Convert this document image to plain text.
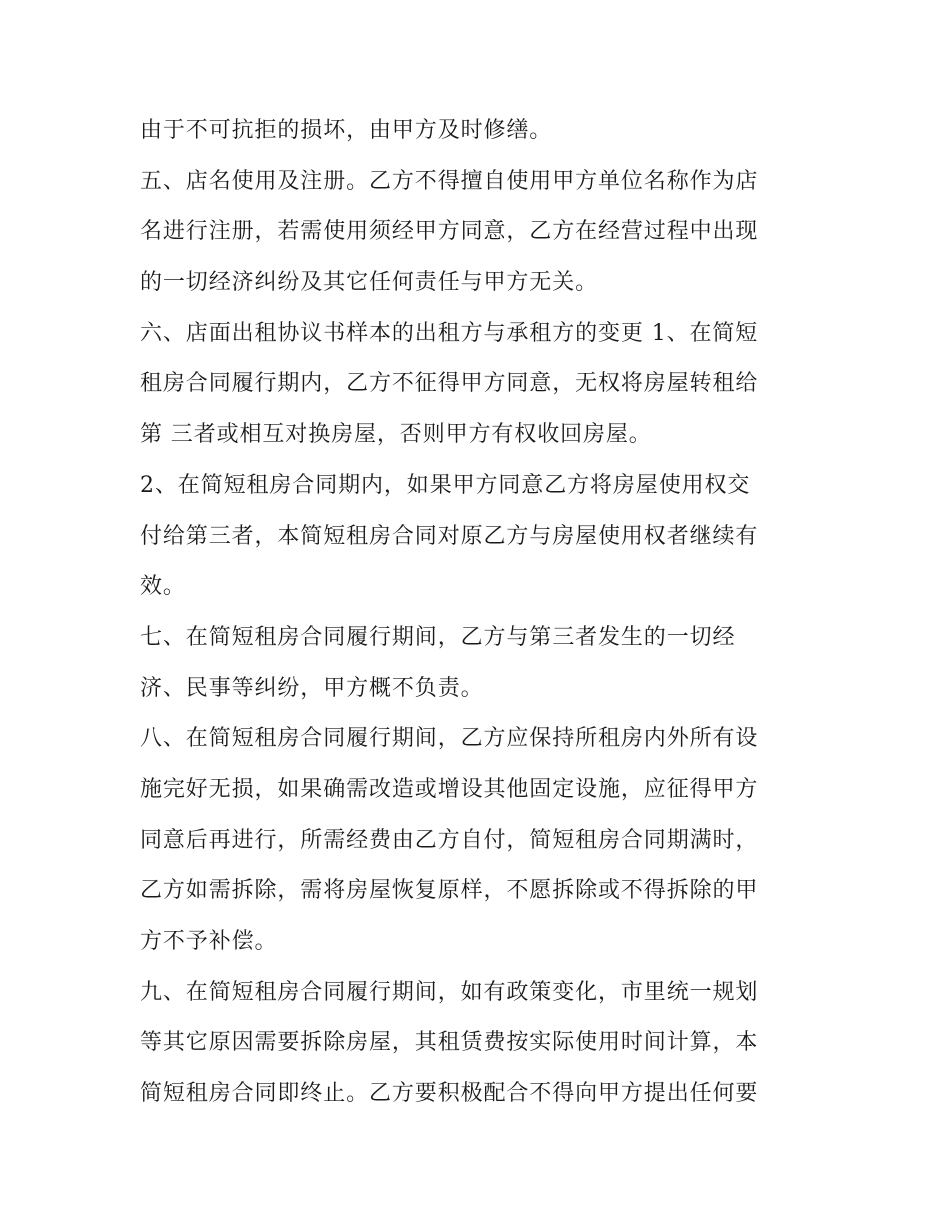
由于不可抗拒的损坏，由甲方及时修缮。
五、店名使用及注册。乙方不得擅自使用甲方单位名称作为店
名进行注册，若需使用须经甲方同意，乙方在经营过程中出现
的一切经济纠纷及其它任何责任与甲方无关。
六、店面出租协议书样本的出租方与承租方的变更 1、在简短
租房合同履行期内，乙方不征得甲方同意，无权将房屋转租给
第 三者或相互对换房屋，否则甲方有权收回房屋。
2、在简短租房合同期内，如果甲方同意乙方将房屋使用权交
付给第三者，本简短租房合同对原乙方与房屋使用权者继续有
效。
七、在简短租房合同履行期间，乙方与第三者发生的一切经
济、民事等纠纷，甲方概不负责。
八、在简短租房合同履行期间，乙方应保持所租房内外所有设
施完好无损，如果确需改造或增设其他固定设施，应征得甲方
同意后再进行，所需经费由乙方自付，简短租房合同期满时，
乙方如需拆除，需将房屋恢复原样，不愿拆除或不得拆除的甲
方不予补偿。
九、在简短租房合同履行期间，如有政策变化，市里统一规划
等其它原因需要拆除房屋，其租赁费按实际使用时间计算，本
简短租房合同即终止。乙方要积极配合不得向甲方提出任何要
